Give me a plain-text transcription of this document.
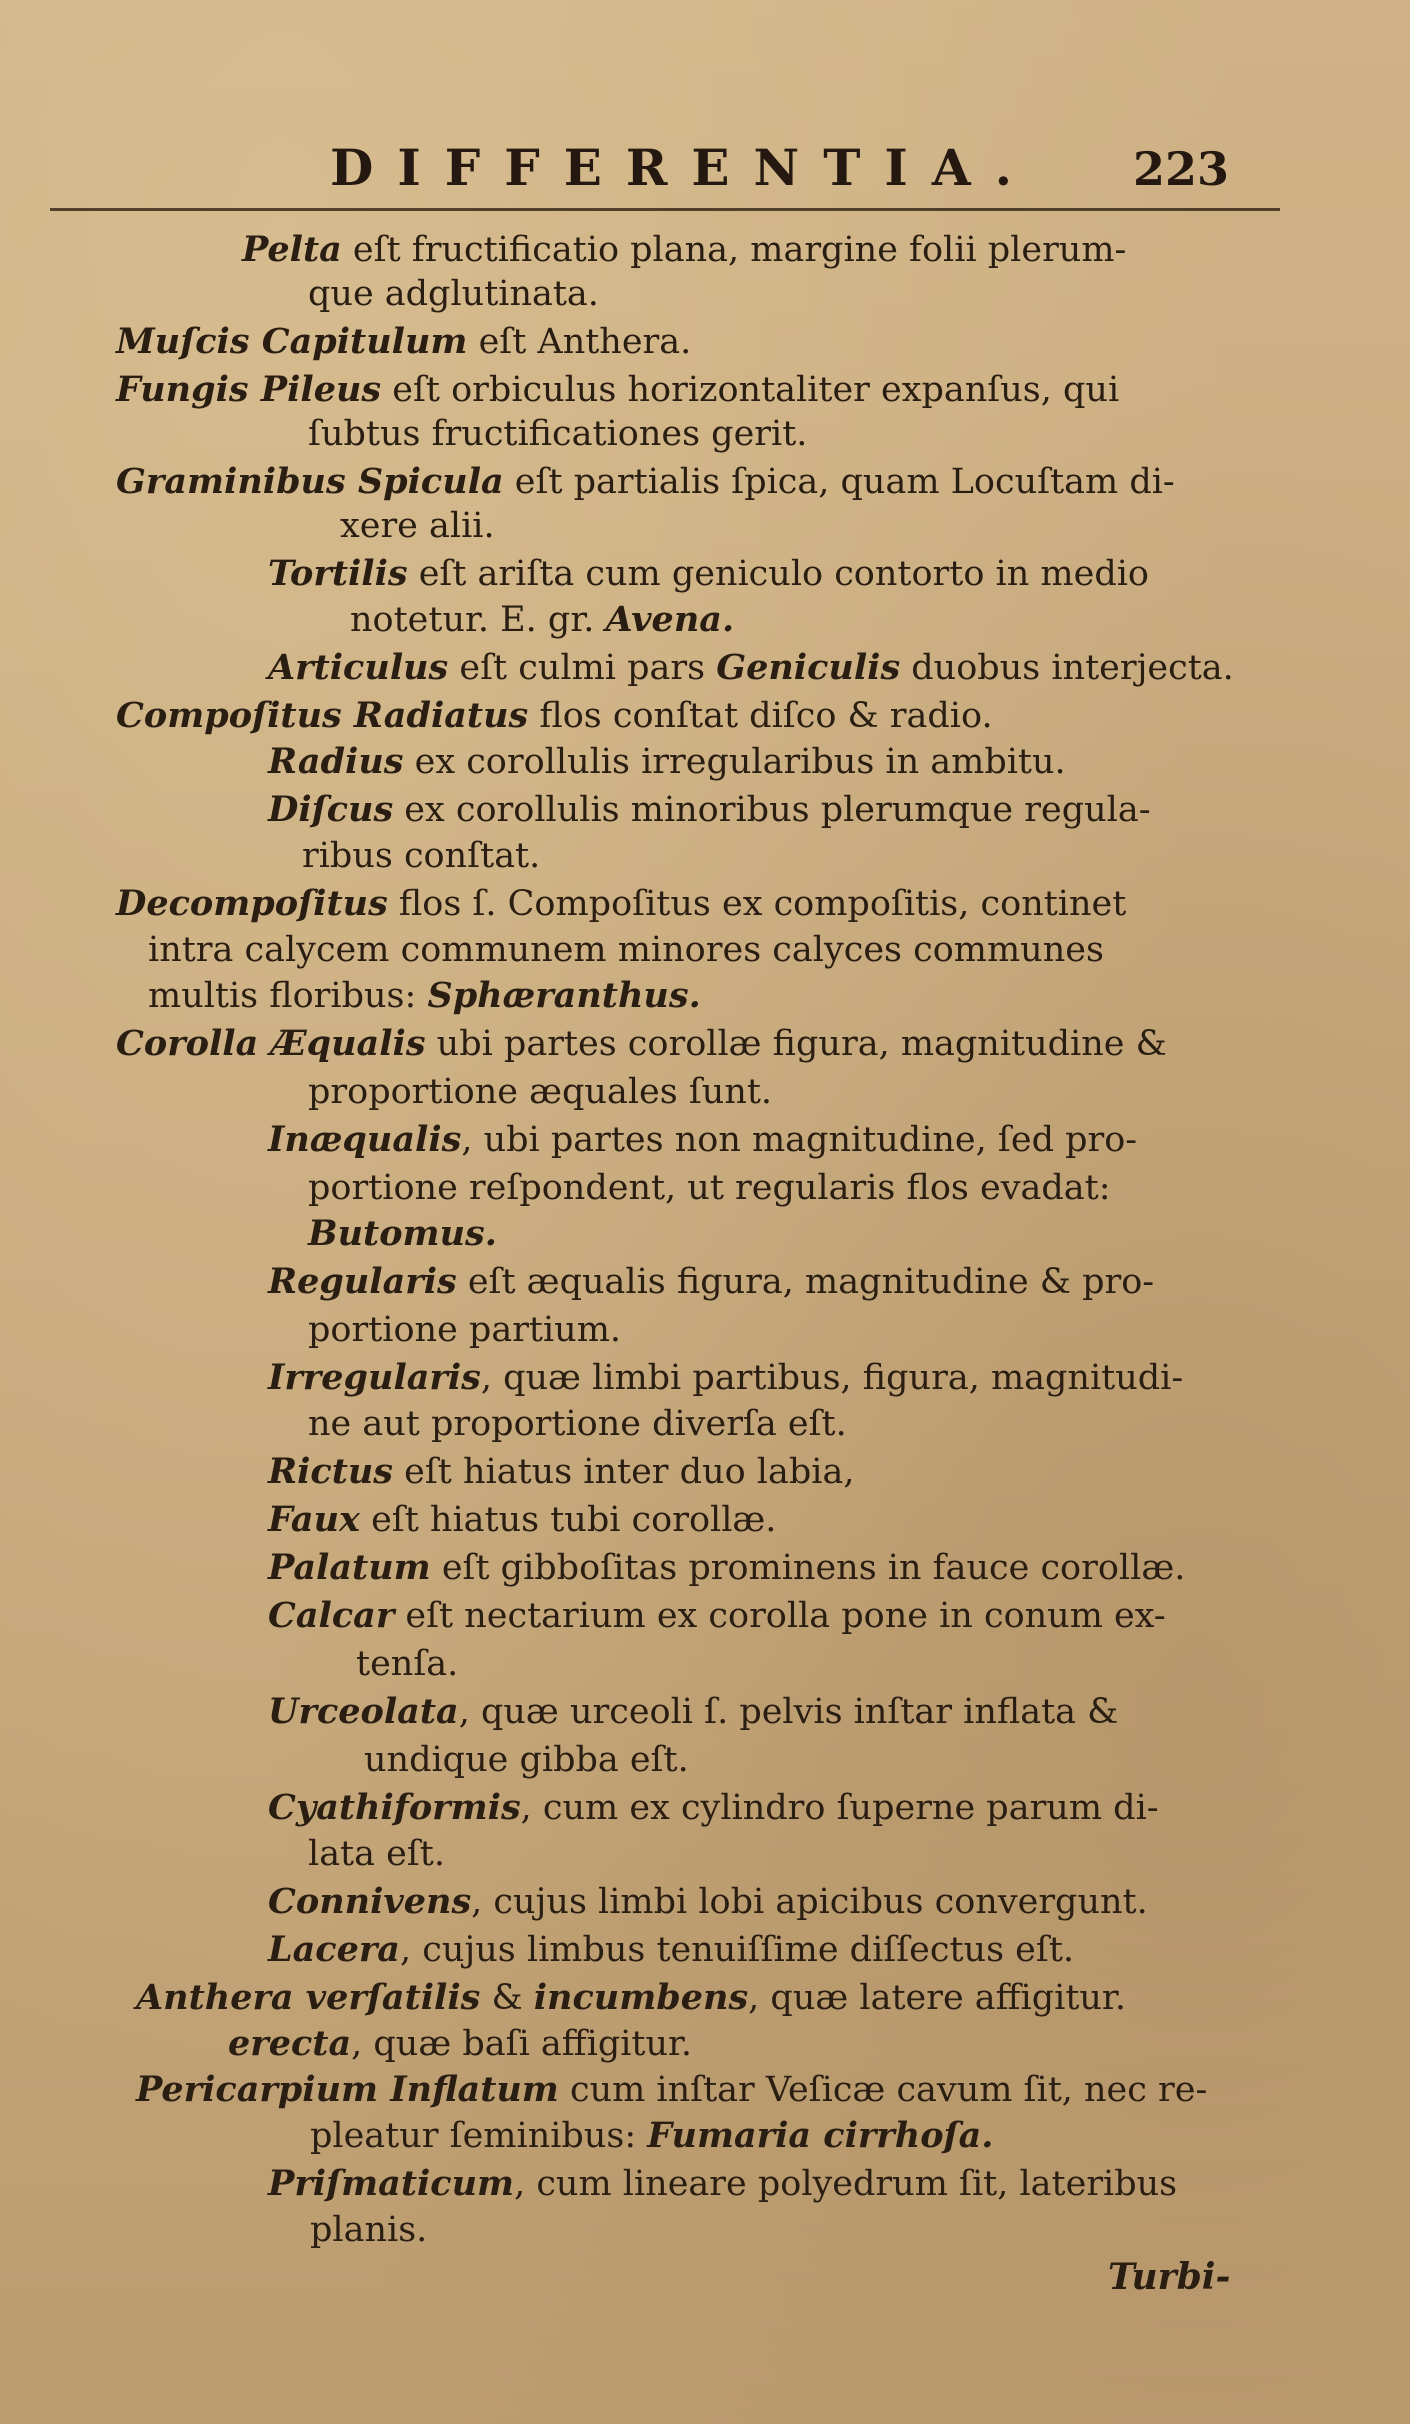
DIFFERENTIA. 223
Pelta eſt fructificatio plana, margine folii plerum-
que adglutinata.
Muſcis Capitulum eſt Anthera.
Fungis Pileus eſt orbiculus horizontaliter expanſus, qui
ſubtus fructificationes gerit.
Graminibus Spicula eſt partialis ſpica, quam Locuſtam di-
xere alii.
Tortilis eſt ariſta cum geniculo contorto in medio
notetur. E. gr. Avena.
Articulus eſt culmi pars Geniculis duobus interjecta.
Compoſitus Radiatus flos conſtat diſco & radio.
Radius ex corollulis irregularibus in ambitu.
Diſcus ex corollulis minoribus plerumque regula-
ribus conſtat.
Decompoſitus flos ſ. Compoſitus ex compoſitis, continet
intra calycem communem minores calyces communes
multis floribus: Sphæranthus.
Corolla Æqualis ubi partes corollæ figura, magnitudine &
proportione æquales ſunt.
Inæqualis, ubi partes non magnitudine, ſed pro-
portione reſpondent, ut regularis flos evadat:
Butomus.
Regularis eſt æqualis figura, magnitudine & pro-
portione partium.
Irregularis, quæ limbi partibus, figura, magnitudi-
ne aut proportione diverſa eſt.
Rictus eſt hiatus inter duo labia,
Faux eſt hiatus tubi corollæ.
Palatum eſt gibboſitas prominens in fauce corollæ.
Calcar eſt nectarium ex corolla pone in conum ex-
tenſa.
Urceolata, quæ urceoli ſ. pelvis inſtar inflata &
undique gibba eſt.
Cyathiformis, cum ex cylindro ſuperne parum di-
lata eſt.
Connivens, cujus limbi lobi apicibus convergunt.
Lacera, cujus limbus tenuiſſime diſſectus eſt.
Anthera verſatilis & incumbens, quæ latere affigitur.
erecta, quæ baſi affigitur.
Pericarpium Inflatum cum inſtar Veſicæ cavum ſit, nec re-
pleatur ſeminibus: Fumaria cirrhoſa.
Priſmaticum, cum lineare polyedrum ſit, lateribus
planis.
Turbi-
